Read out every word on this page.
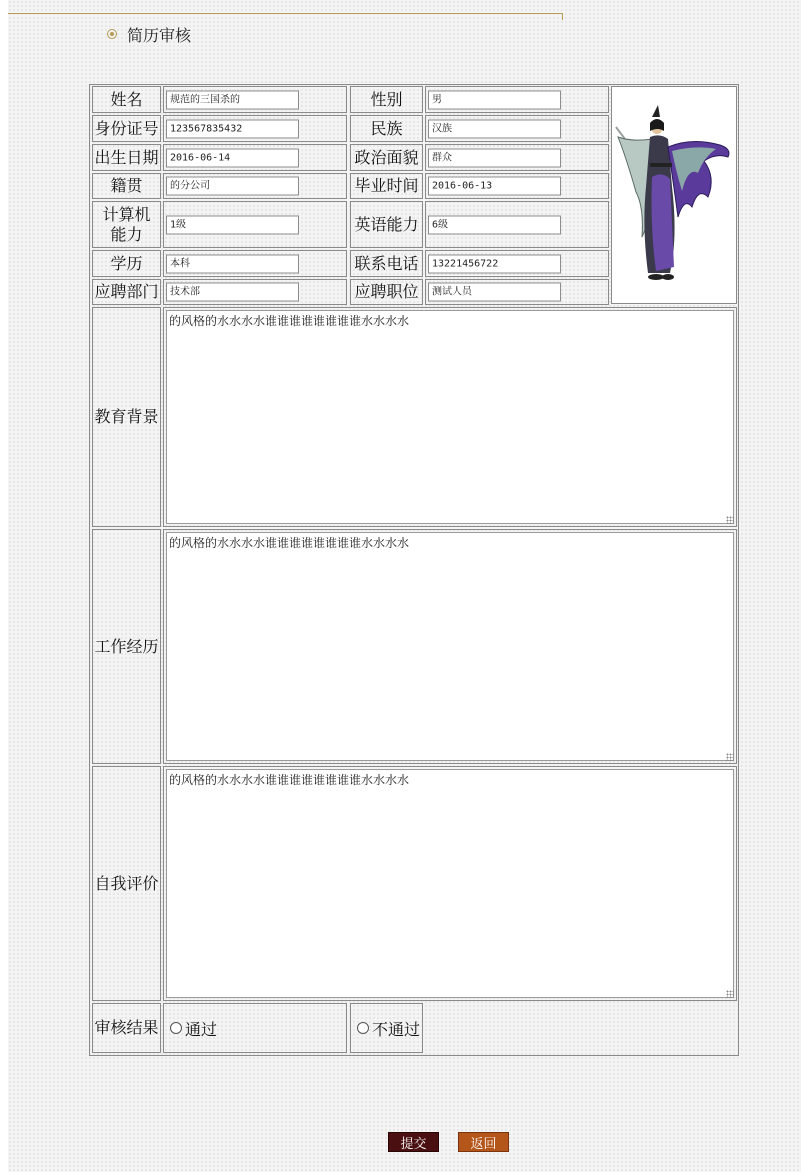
简历审核
姓名	规范的三国杀的	性别	男
身份证号	123567835432	民族	汉族
出生日期	2016-06-14	政治面貌	群众
籍贯	的分公司	毕业时间	2016-06-13
计算机能力	1级	英语能力	6级
学历	本科	联系电话	13221456722
应聘部门	技术部	应聘职位	测试人员
教育背景
的风格的水水水水谁谁谁谁谁谁谁谁水水水水
工作经历
的风格的水水水水谁谁谁谁谁谁谁谁水水水水
自我评价
的风格的水水水水谁谁谁谁谁谁谁谁水水水水
审核结果 通过	不通过
提交	返回
